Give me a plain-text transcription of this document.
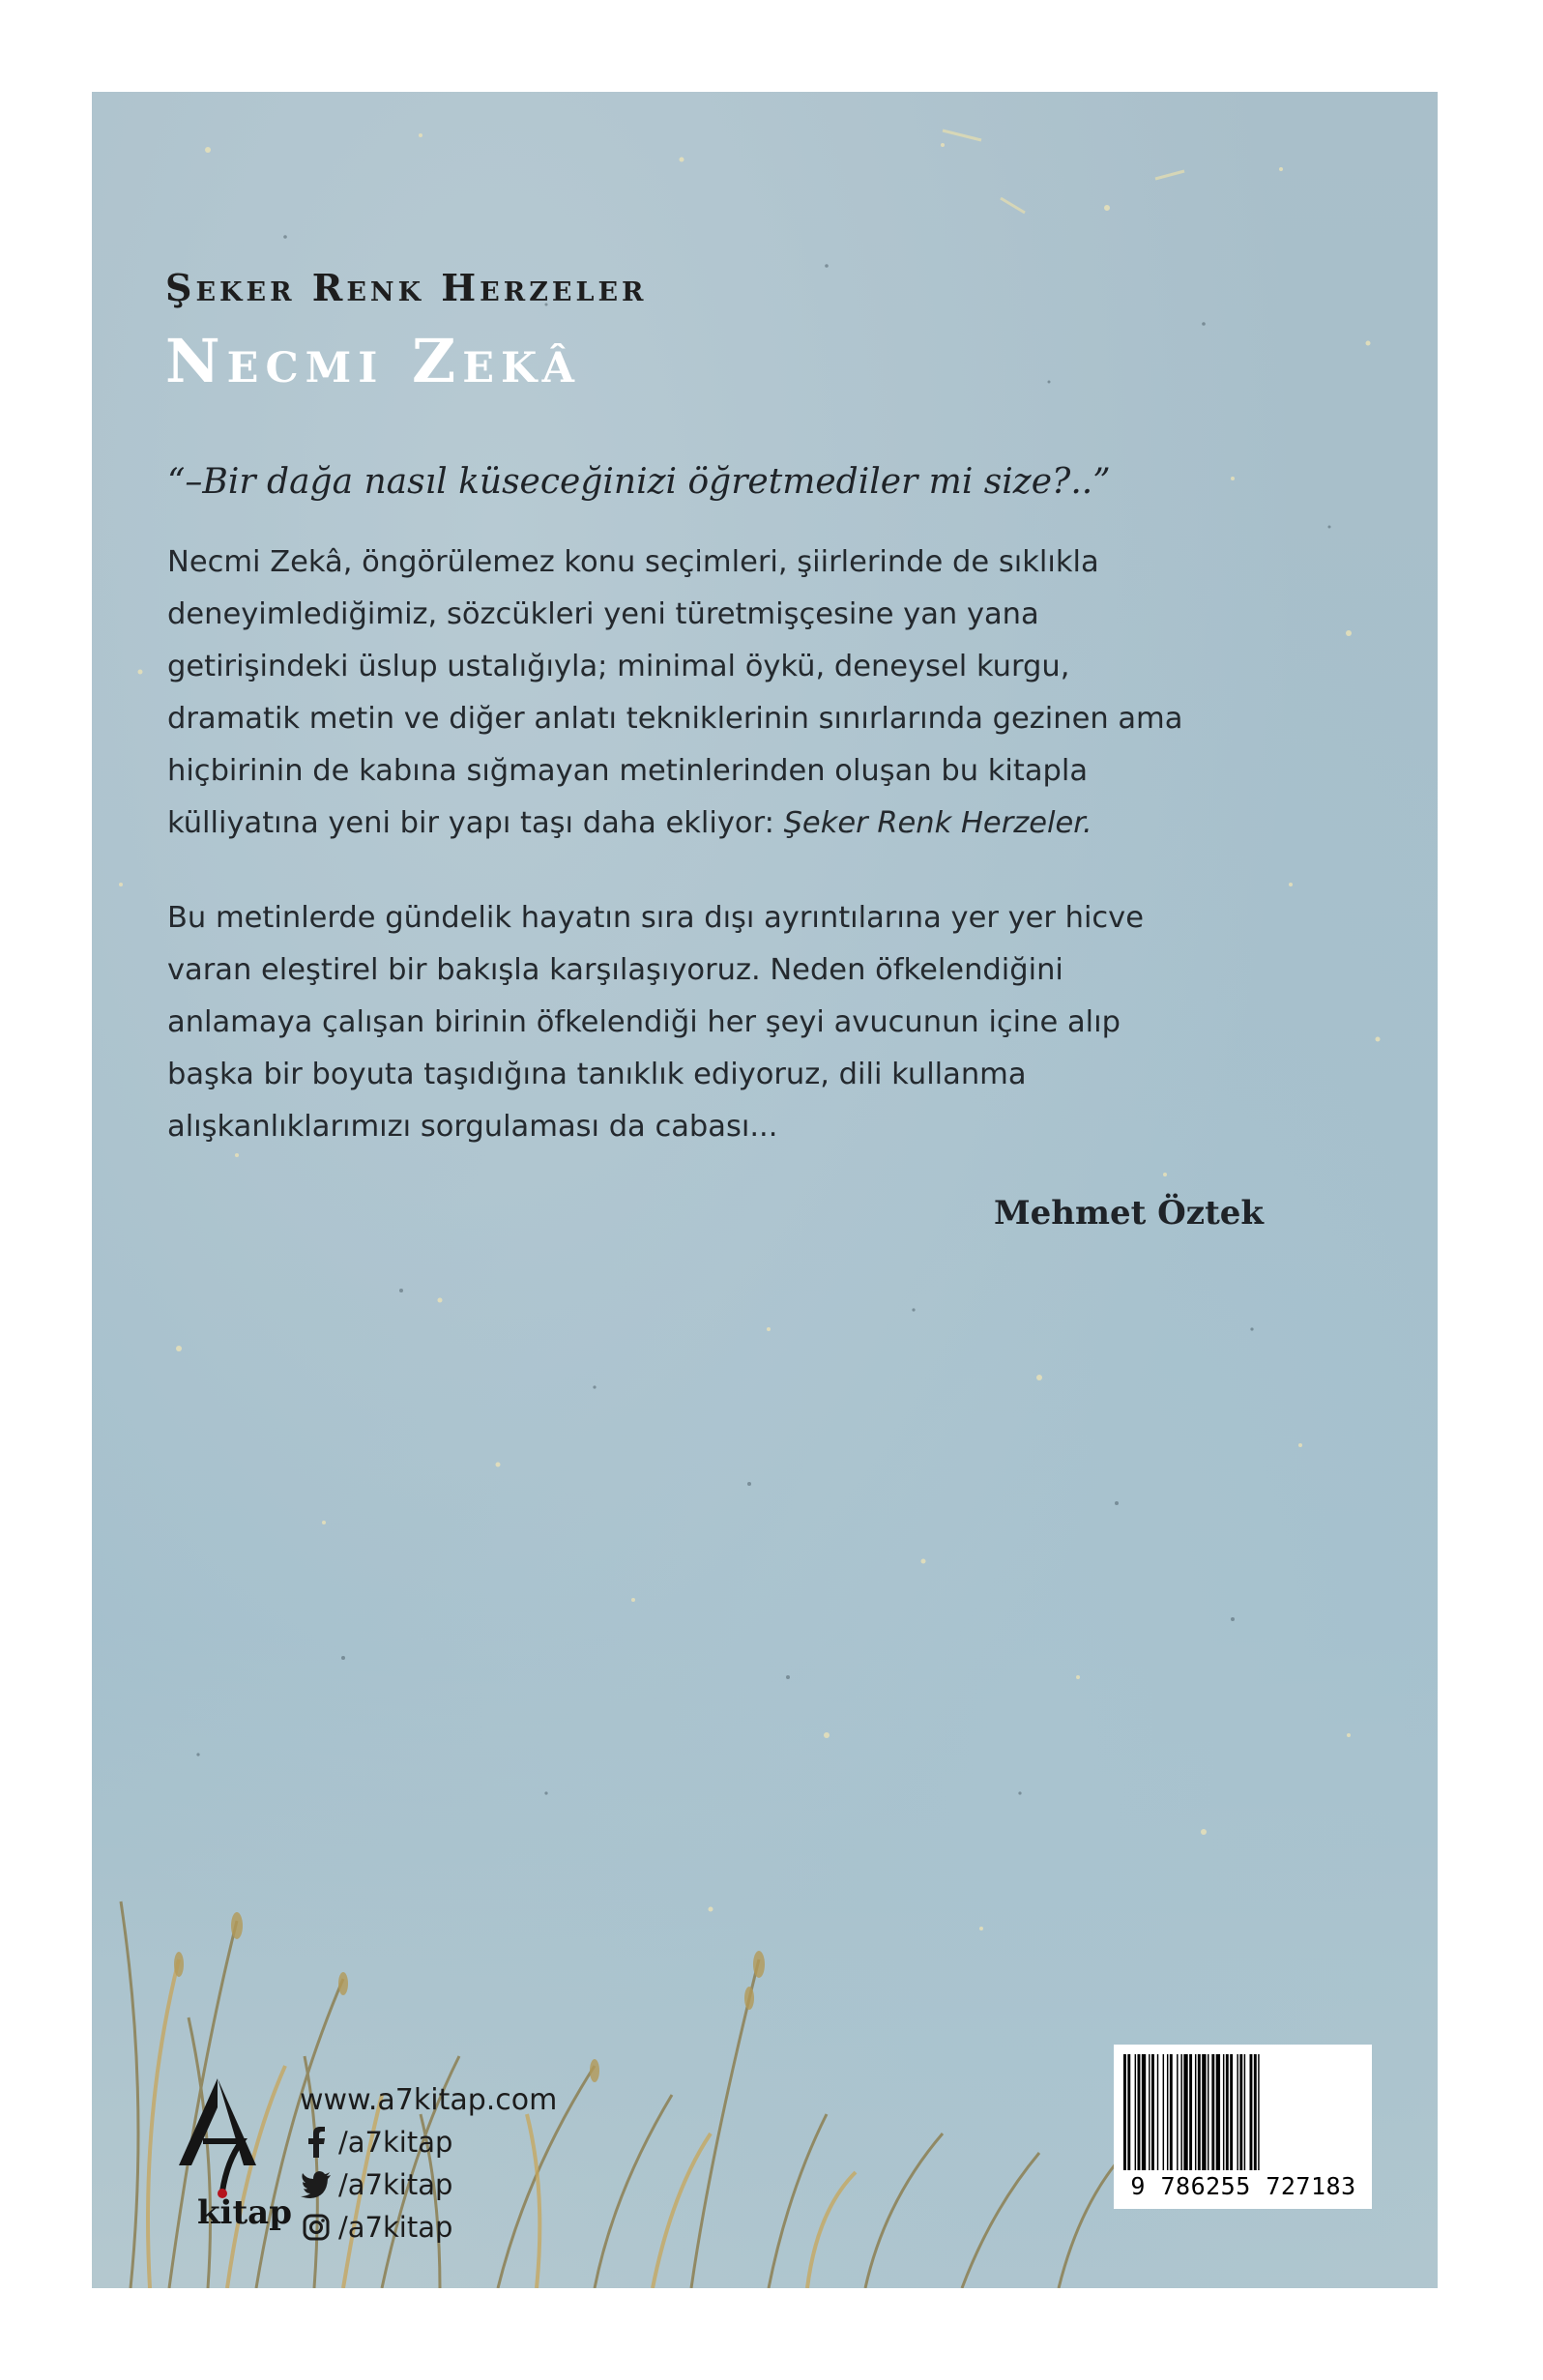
Şeker Renk Herzeler
Necmi Zekâ

“–Bir dağa nasıl küseceğinizi öğretmediler mi size?..”

Necmi Zekâ, öngörülemez konu seçimleri, şiirlerinde de sıklıkla
deneyimlediğimiz, sözcükleri yeni türetmişçesine yan yana
getirişindeki üslup ustalığıyla; minimal öykü, deneysel kurgu,
dramatik metin ve diğer anlatı tekniklerinin sınırlarında gezinen ama
hiçbirinin de kabına sığmayan metinlerinden oluşan bu kitapla
külliyatına yeni bir yapı taşı daha ekliyor: Şeker Renk Herzeler.
Bu metinlerde gündelik hayatın sıra dışı ayrıntılarına yer yer hicve
varan eleştirel bir bakışla karşılaşıyoruz. Neden öfkelendiğini
anlamaya çalışan birinin öfkelendiği her şeyi avucunun içine alıp
başka bir boyuta taşıdığına tanıklık ediyoruz, dili kullanma
alışkanlıklarımızı sorgulaması da cabası...

Mehmet Öztek

kitap
www.a7kitap.com
/a7kitap
/a7kitap
/a7kitap
9 786255 727183
